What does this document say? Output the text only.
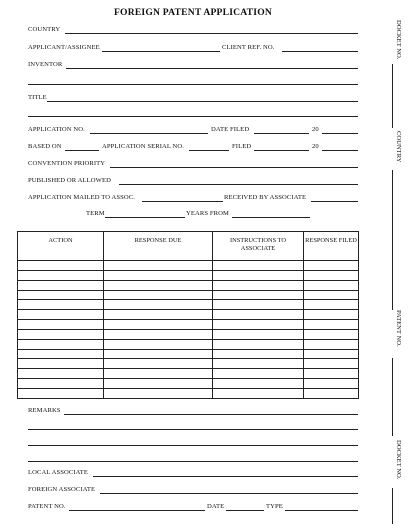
FOREIGN PATENT APPLICATION
COUNTRY
APPLICANT/ASSIGNEE	CLIENT REF. NO.
INVENTOR
TITLE
APPLICATION NO.	DATE FILED	20
BASED ON	APPLICATION SERIAL NO.	FILED	20
CONVENTION PRIORITY
PUBLISHED OR ALLOWED
APPLICATION MAILED TO ASSOC.	RECEIVED BY ASSOCIATE
TERM	YEARS FROM
ACTION	RESPONSE DUE	INSTRUCTIONS TO ASSOCIATE	RESPONSE FILED

REMARKS
LOCAL ASSOCIATE
FOREIGN ASSOCIATE
PATENT NO.	DATE	TYPE
DOCKET NO.
COUNTRY
PATENT NO.
DOCKET NO.
